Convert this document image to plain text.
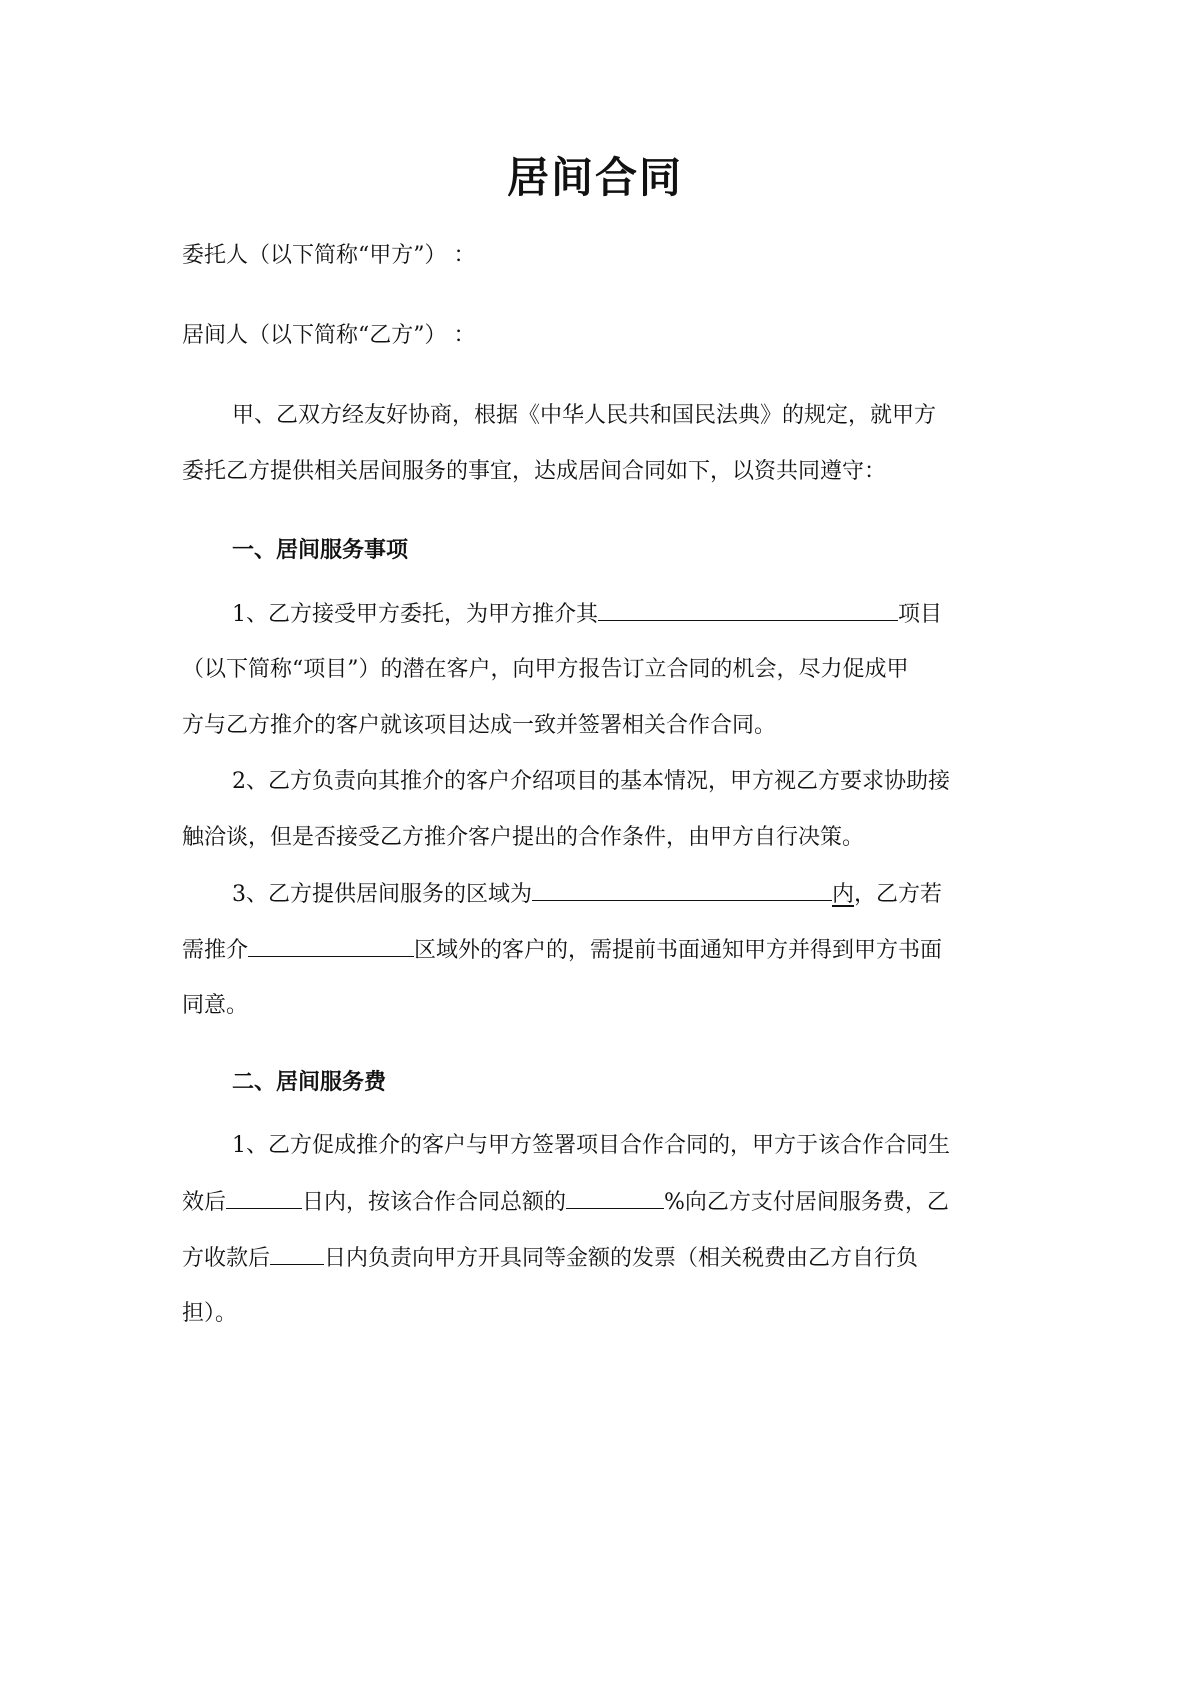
居间合同
委托人（以下简称“甲方”） ：
居间人（以下简称“乙方”） ：
甲、乙双方经友好协商，根据《中华人民共和国民法典》的规定，就甲方
委托乙方提供相关居间服务的事宜，达成居间合同如下，以资共同遵守：
一、居间服务事项
1、乙方接受甲方委托，为甲方推介其	项目
（以下简称“项目”）的潜在客户，向甲方报告订立合同的机会，尽力促成甲
方与乙方推介的客户就该项目达成一致并签署相关合作合同。
2、乙方负责向其推介的客户介绍项目的基本情况，甲方视乙方要求协助接
触洽谈，但是否接受乙方推介客户提出的合作条件，由甲方自行决策。
3、乙方提供居间服务的区域为	内，乙方若
需推介	区域外的客户的，需提前书面通知甲方并得到甲方书面
同意。
二、居间服务费
1、乙方促成推介的客户与甲方签署项目合作合同的，甲方于该合作合同生
效后	日内，按该合作合同总额的	%向乙方支付居间服务费，乙
方收款后 日内负责向甲方开具同等金额的发票（相关税费由乙方自行负
担）。
